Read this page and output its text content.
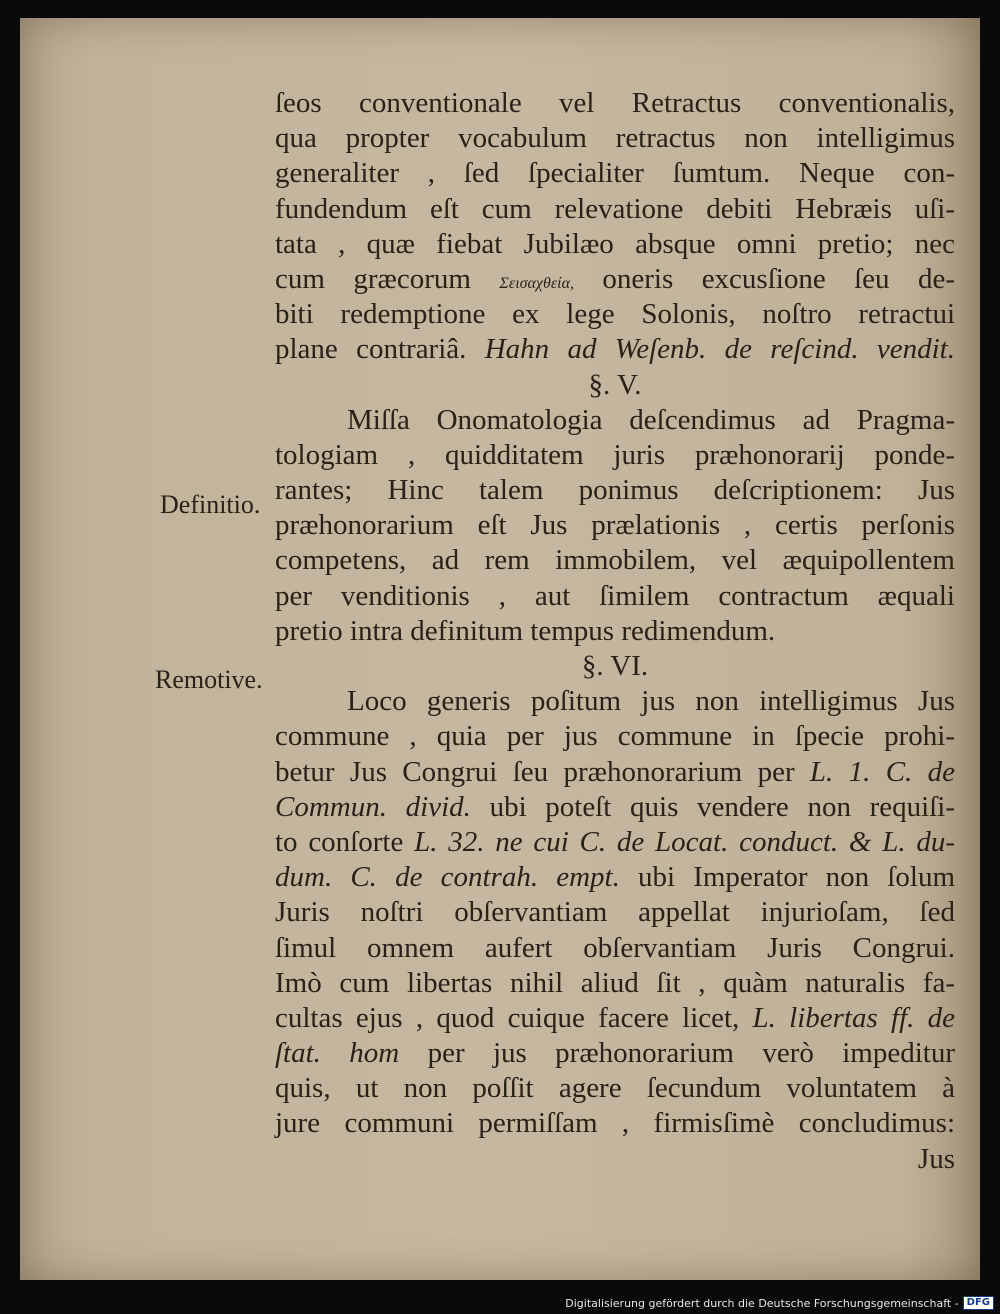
ſeos conventionale vel Retractus conventionalis,
qua propter vocabulum retractus non intelligimus
generaliter , ſed ſpecialiter ſumtum. Neque con-
fundendum eſt cum relevatione debiti Hebræis uſi-
tata , quæ fiebat Jubilæo absque omni pretio; nec
cum græcorum Σεισαχθεία, oneris excusſione ſeu de-
biti redemptione ex lege Solonis, noſtro retractui
plane contrariâ. Hahn ad Weſenb. de reſcind. vendit.
§. V.
Miſſa Onomatologia deſcendimus ad Pragma-
tologiam , quidditatem juris præhonorarij ponde-
rantes; Hinc talem ponimus deſcriptionem: Jus
præhonorarium eſt Jus prælationis , certis perſonis
competens, ad rem immobilem, vel æquipollentem
per venditionis , aut ſimilem contractum æquali
pretio intra definitum tempus redimendum.
§. VI.
Loco generis poſitum jus non intelligimus Jus
commune , quia per jus commune in ſpecie prohi-
betur Jus Congrui ſeu præhonorarium per L. 1. C. de
Commun. divid. ubi poteſt quis vendere non requiſi-
to conſorte L. 32. ne cui C. de Locat. conduct. & L. du-
dum. C. de contrah. empt. ubi Imperator non ſolum
Juris noſtri obſervantiam appellat injurioſam, ſed
ſimul omnem aufert obſervantiam Juris Congrui.
Imò cum libertas nihil aliud ſit , quàm naturalis fa-
cultas ejus , quod cuique facere licet, L. libertas ff. de
ſtat. hom per jus præhonorarium verò impeditur
quis, ut non poſſit agere ſecundum voluntatem à
jure communi permiſſam , firmisſimè concludimus:
Jus
Definitio.
Remotive.
Digitalisierung gefördert durch die Deutsche Forschungsgemeinschaft - DFG
